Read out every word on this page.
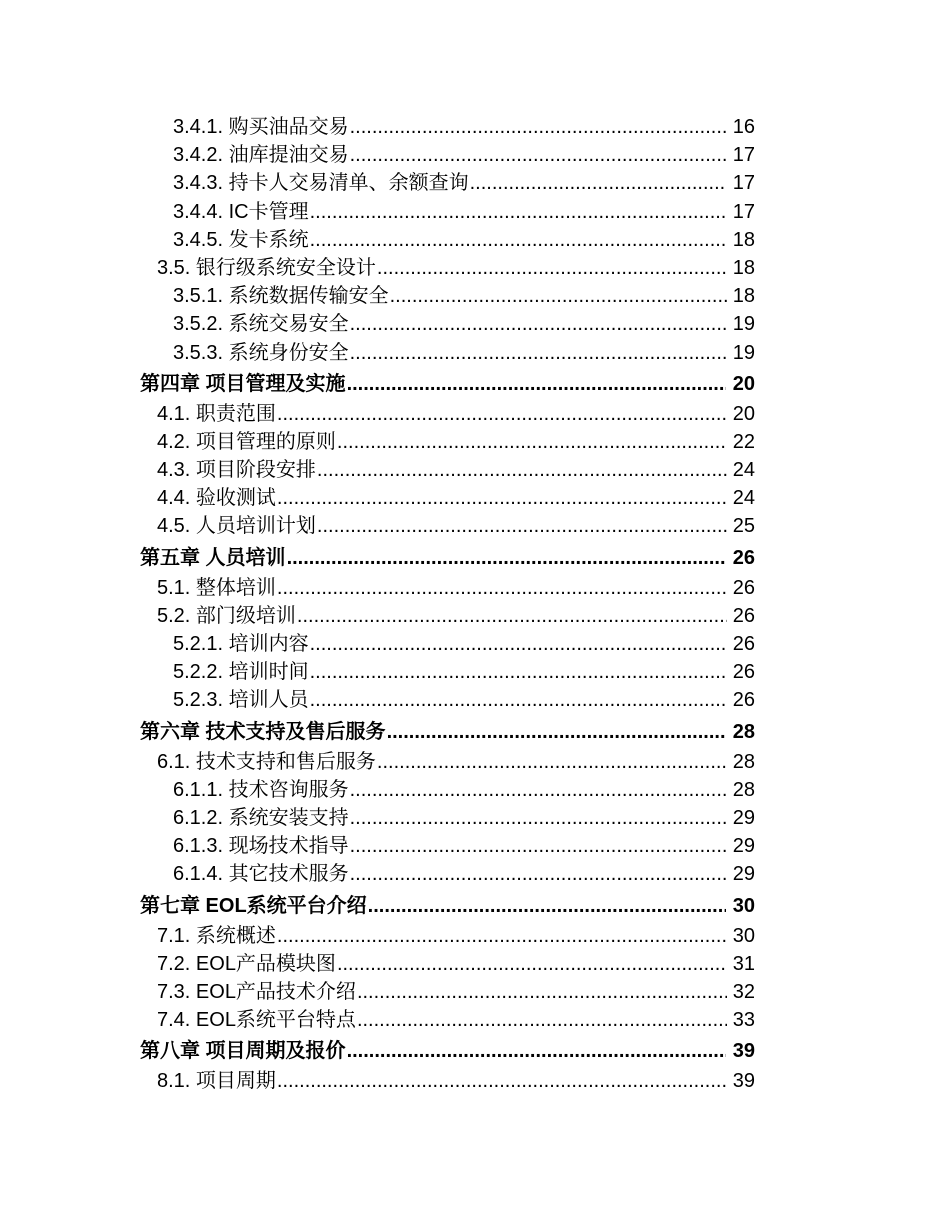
3.4.1. 购买油品交易 .....	16
3.4.2. 油库提油交易 .....	17
3.4.3. 持卡人交易清单、余额查询 .....	17
3.4.4. IC卡管理 .....	17
3.4.5. 发卡系统 .....	18
3.5. 银行级系统安全设计 .....	18
3.5.1. 系统数据传输安全 .....	18
3.5.2. 系统交易安全 .....	19
3.5.3. 系统身份安全 .....	19
第四章 项目管理及实施 .....	20
4.1. 职责范围 .....	20
4.2. 项目管理的原则 .....	22
4.3. 项目阶段安排 .....	24
4.4. 验收测试 .....	24
4.5. 人员培训计划 .....	25
第五章 人员培训 .....	26
5.1. 整体培训 .....	26
5.2. 部门级培训 .....	26
5.2.1. 培训内容 .....	26
5.2.2. 培训时间 .....	26
5.2.3. 培训人员 .....	26
第六章 技术支持及售后服务 .....	28
6.1. 技术支持和售后服务 .....	28
6.1.1. 技术咨询服务 .....	28
6.1.2. 系统安装支持 .....	29
6.1.3. 现场技术指导 .....	29
6.1.4. 其它技术服务 .....	29
第七章 EOL系统平台介绍 .....	30
7.1. 系统概述 .....	30
7.2. EOL产品模块图 .....	31
7.3. EOL产品技术介绍 .....	32
7.4. EOL系统平台特点 .....	33
第八章 项目周期及报价 .....	39
8.1. 项目周期 .....	39
